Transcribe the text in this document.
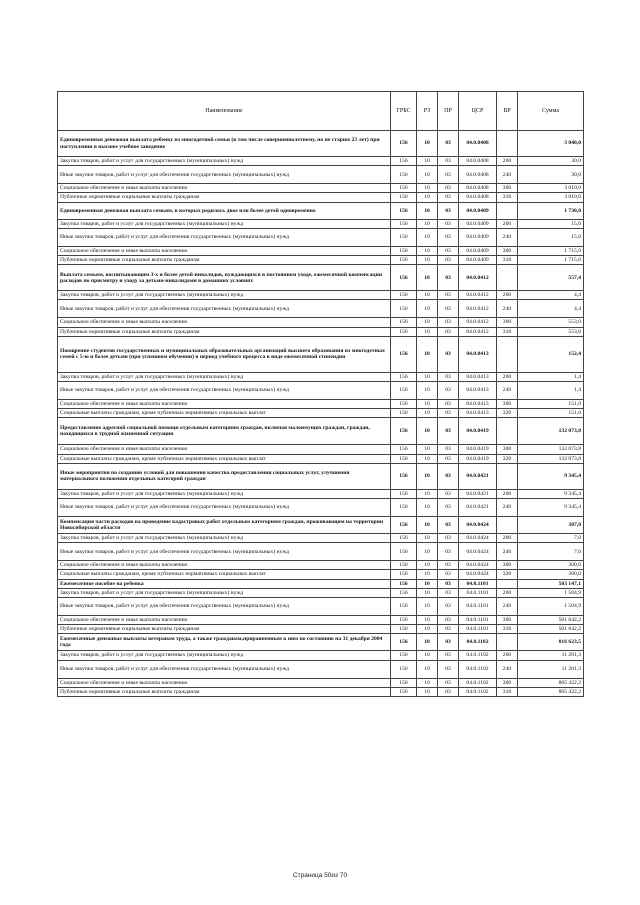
Наименование	ГРБС	РЗ	ПР	ЦСР	ВР	Сумма
Единовременная денежная выплата ребенку из многодетной семьи (в том числе совершеннолетнему, но не старше 23 лет) при поступлении в высшее учебное заведение	156	10	03	04.0.0408		3 040,0
Закупка товаров, работ и услуг для государственных (муниципальных) нужд	156	10	03	04.0.0408	200	30,0
Иные закупки товаров, работ и услуг для обеспечения государственных (муниципальных) нужд	156	10	03	04.0.0408	240	30,0
Социальное обеспечение и иные выплаты населению	156	10	03	04.0.0408	300	3 010,0
Публичные нормативные социальные выплаты гражданам	156	10	03	04.0.0408	310	3 010,0
Единовременная денежная выплата семьям, в которых родилось двое или более детей одновременно	156	10	03	04.0.0409		1 730,0
Закупка товаров, работ и услуг для государственных (муниципальных) нужд	156	10	03	04.0.0409	200	15,0
Иные закупки товаров, работ и услуг для обеспечения государственных (муниципальных) нужд	156	10	03	04.0.0409	240	15,0
Социальное обеспечение и иные выплаты населению	156	10	03	04.0.0409	300	1 715,0
Публичные нормативные социальные выплаты гражданам	156	10	03	04.0.0409	310	1 715,0
Выплата семьям, воспитывающим 3-х и более детей-инвалидов, нуждающихся в постоянном уходе, ежемесячной компенсации расходов по присмотру и уходу за детьми-инвалидами в домашних условиях	156	10	03	04.0.0412		557,4
Закупка товаров, работ и услуг для государственных (муниципальных) нужд	156	10	03	04.0.0412	200	4,4
Иные закупки товаров, работ и услуг для обеспечения государственных (муниципальных) нужд	156	10	03	04.0.0412	240	4,4
Социальное обеспечение и иные выплаты населению	156	10	03	04.0.0412	300	553,0
Публичные нормативные социальные выплаты гражданам	156	10	03	04.0.0412	310	553,0
Поощрение студентов государственных и муниципальных образовательных организаций высшего образования из многодетных семей с 5-ю и более детьми (при успешном обучении) в период учебного процесса в виде ежемесячной стипендии	156	10	03	04.0.0413		152,4
Закупка товаров, работ и услуг для государственных (муниципальных) нужд	156	10	03	04.0.0413	200	1,4
Иные закупки товаров, работ и услуг для обеспечения государственных (муниципальных) нужд	156	10	03	04.0.0413	240	1,4
Социальное обеспечение и иные выплаты населению	156	10	03	04.0.0413	300	151,0
Социальные выплаты гражданам, кроме публичных нормативных социальных выплат	156	10	03	04.0.0413	320	151,0
Предоставление адресной социальной помощи отдельным категориям граждан, включая малоимущих граждан, граждан, находящихся в трудной жизненной ситуации	156	10	03	04.0.0419		132 073,8
Социальное обеспечение и иные выплаты населению	156	10	03	04.0.0419	300	132 073,8
Социальные выплаты гражданам, кроме публичных нормативных социальных выплат	156	10	03	04.0.0419	320	132 073,8
Иные мероприятия по созданию условий для повышения качества предоставления социальных услуг, улучшения материального положения отдельных категорий граждан	156	10	03	04.0.0421		9 345,4
Закупка товаров, работ и услуг для государственных (муниципальных) нужд	156	10	03	04.0.0421	200	9 345,4
Иные закупки товаров, работ и услуг для обеспечения государственных (муниципальных) нужд	156	10	03	04.0.0421	240	9 345,4
Компенсация части расходов на проведение кадастровых работ отдельным категориям граждан, проживающим на территории Новосибирской области	156	10	03	04.0.0424		307,0
Закупка товаров, работ и услуг для государственных (муниципальных) нужд	156	10	03	04.0.0424	200	7,0
Иные закупки товаров, работ и услуг для обеспечения государственных (муниципальных) нужд	156	10	03	04.0.0424	240	7,0
Социальное обеспечение и иные выплаты населению	156	10	03	04.0.0424	300	300,0
Социальные выплаты гражданам, кроме публичных нормативных социальных выплат	156	10	03	04.0.0424	320	300,0
Ежемесячное пособие на ребенка	156	10	03	04.0.1101		503 147,1
Закупка товаров, работ и услуг для государственных (муниципальных) нужд	156	10	03	04.0.1101	200	1 504,9
Иные закупки товаров, работ и услуг для обеспечения государственных (муниципальных) нужд	156	10	03	04.0.1101	240	1 504,9
Социальное обеспечение и иные выплаты населению	156	10	03	04.0.1101	300	501 642,2
Публичные нормативные социальные выплаты гражданам	156	10	03	04.0.1101	310	501 642,2
Ежемесячные денежные выплаты ветеранам труда, а также гражданам,приравненным к ним по состоянию на 31 декабря 2004 года	156	10	03	04.0.1102		816 623,5
Закупка товаров, работ и услуг для государственных (муниципальных) нужд	156	10	03	04.0.1102	200	11 201,3
Иные закупки товаров, работ и услуг для обеспечения государственных (муниципальных) нужд	156	10	03	04.0.1102	240	11 201,3
Социальное обеспечение и иные выплаты населению	156	10	03	04.0.1102	300	805 422,2
Публичные нормативные социальные выплаты гражданам	156	10	03	04.0.1102	310	805 422,2
Страница 50из 70
